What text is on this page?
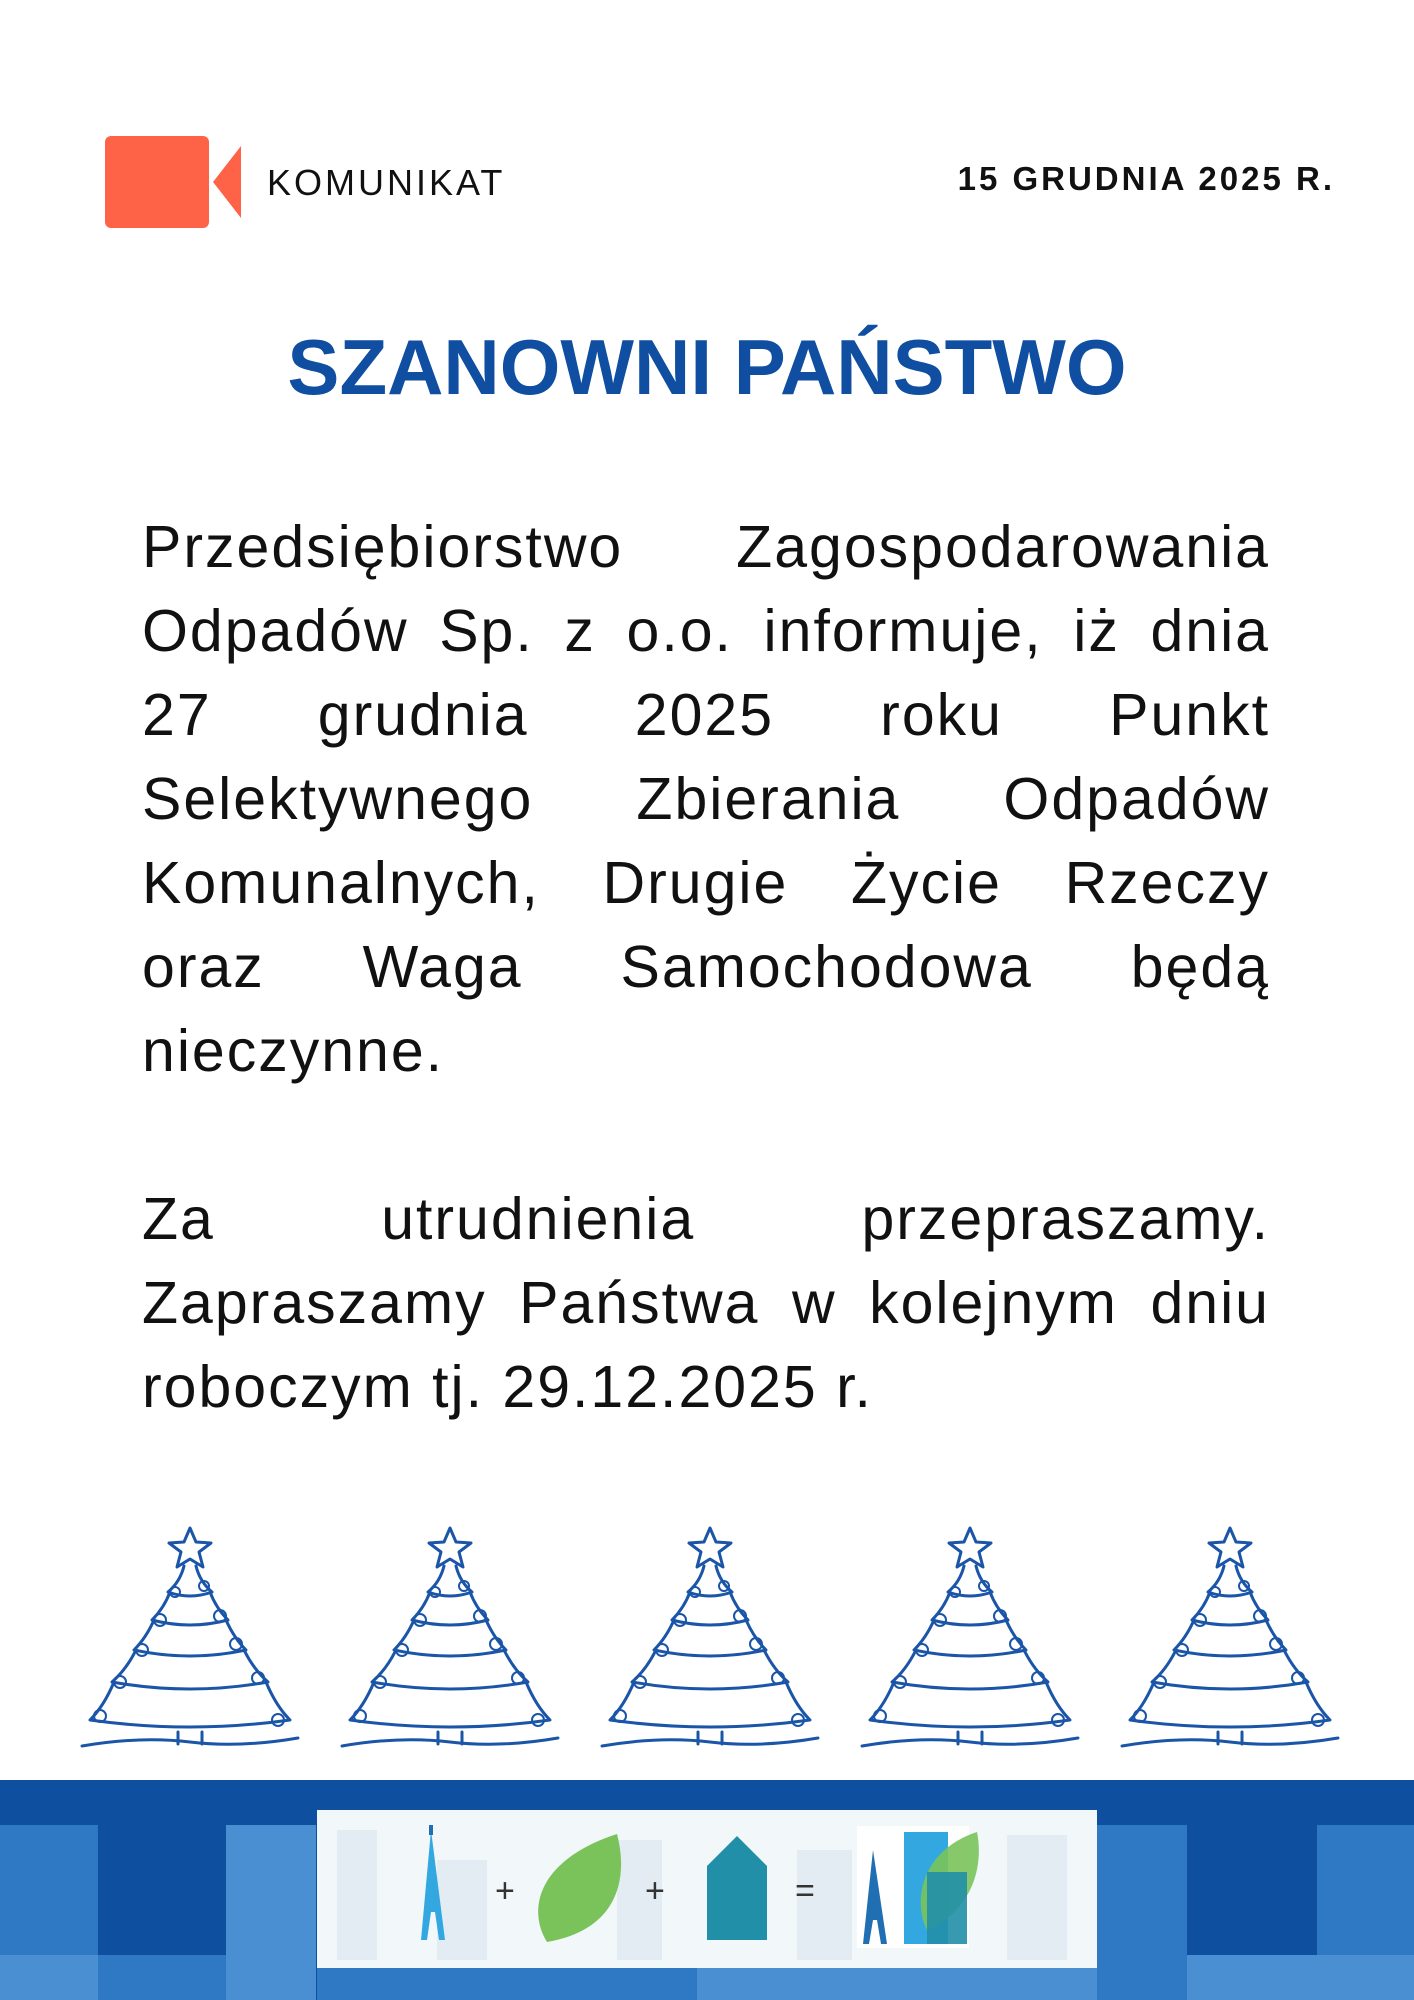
KOMUNIKAT	15 GRUDNIA 2025 R.
SZANOWNI PAŃSTWO

Przedsiębiorstwo Zagospodarowania Odpadów Sp. z o.o. informuje, iż dnia 27 grudnia 2025 roku Punkt Selektywnego Zbierania Odpadów Komunalnych, Drugie Życie Rzeczy oraz Waga Samochodowa będą nieczynne.

Za utrudnienia przepraszamy. Zapraszamy Państwa w kolejnym dniu roboczym tj. 29.12.2025 r.

+	+	=
